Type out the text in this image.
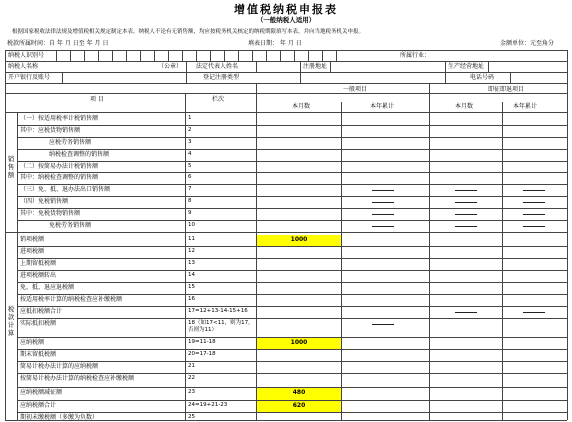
增值税纳税申报表
（一般纳税人适用）
根据国家税收法律法规及增值税相关规定制定本表。纳税人不论有无销售额，均应按税务机关核定的纳税期限填写本表，并向当地税务机关申报。
税款所属时间：自 年 月 日至 年 月 日	填表日期： 年 月 日	金额单位：元至角分
纳税人识别号	所属行业：
纳税人名称	（公章） 法定代表人姓名	注册地址	生产经营地址
开户银行及账号	登记注册类型	电话号码
项 目	栏次
一般项目	即征即退项目
本月数	本年累计	本月数	本年累计
销售额
税款计算
（一）按适用税率计税销售额	1
其中：应税货物销售额	2
应税劳务销售额	3
纳税检查调整的销售额	4
（二）按简易办法计税销售额	5
其中：纳税检查调整的销售额	6
（三）免、抵、退办法出口销售额	7
（四）免税销售额	8
其中：免税货物销售额	9
免税劳务销售额	10
销项税额	11	1000
进项税额	12
上期留抵税额	13
进项税额转出	14
免、抵、退应退税额	15
按适用税率计算的纳税检查应补缴税额	16
应抵扣税额合计	17=12+13-14-15+16
实际抵扣税额	18（如17<11，则为17，否则为11）
应纳税额	19=11-18	1000
期末留抵税额	20=17-18
简易计税办法计算的应纳税额	21
按简易计税办法计算的纳税检查应补缴税额	22
应纳税额减征额	23	480
应纳税额合计	24=19+21-23	620
期初未缴税额（多缴为负数）	25
